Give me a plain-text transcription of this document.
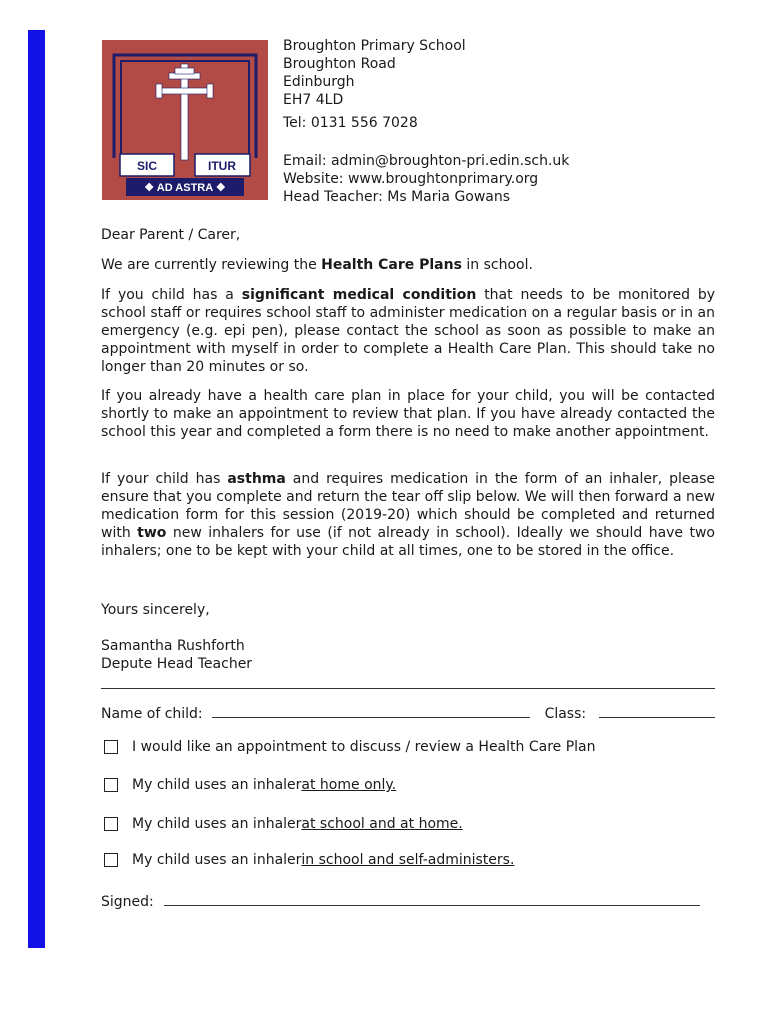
SIC	ITUR
❖ AD ASTRA ❖
Broughton Primary School
Broughton Road
Edinburgh
EH7 4LD
Tel: 0131 556 7028
Email: admin@broughton-pri.edin.sch.uk
Website: www.broughtonprimary.org
Head Teacher: Ms Maria Gowans
Dear Parent / Carer,
We are currently reviewing the Health Care Plans in school.
If you child has a significant medical condition that needs to be monitored by school staff or requires school staff to administer medication on a regular basis or in an emergency (e.g. epi pen), please contact the school as soon as possible to make an appointment with myself in order to complete a Health Care Plan. This should take no longer than 20 minutes or so.
If you already have a health care plan in place for your child, you will be contacted shortly to make an appointment to review that plan. If you have already contacted the school this year and completed a form there is no need to make another appointment.
If your child has asthma and requires medication in the form of an inhaler, please ensure that you complete and return the tear off slip below. We will then forward a new medication form for this session (2019-20) which should be completed and returned with two new inhalers for use (if not already in school). Ideally we should have two inhalers; one to be kept with your child at all times, one to be stored in the office.
Yours sincerely,
Samantha Rushforth
Depute Head Teacher
Name of child:	Class:
I would like an appointment to discuss / review a Health Care Plan
My child uses an inhaler at home only.
My child uses an inhaler at school and at home.
My child uses an inhaler in school and self-administers.
Signed:
